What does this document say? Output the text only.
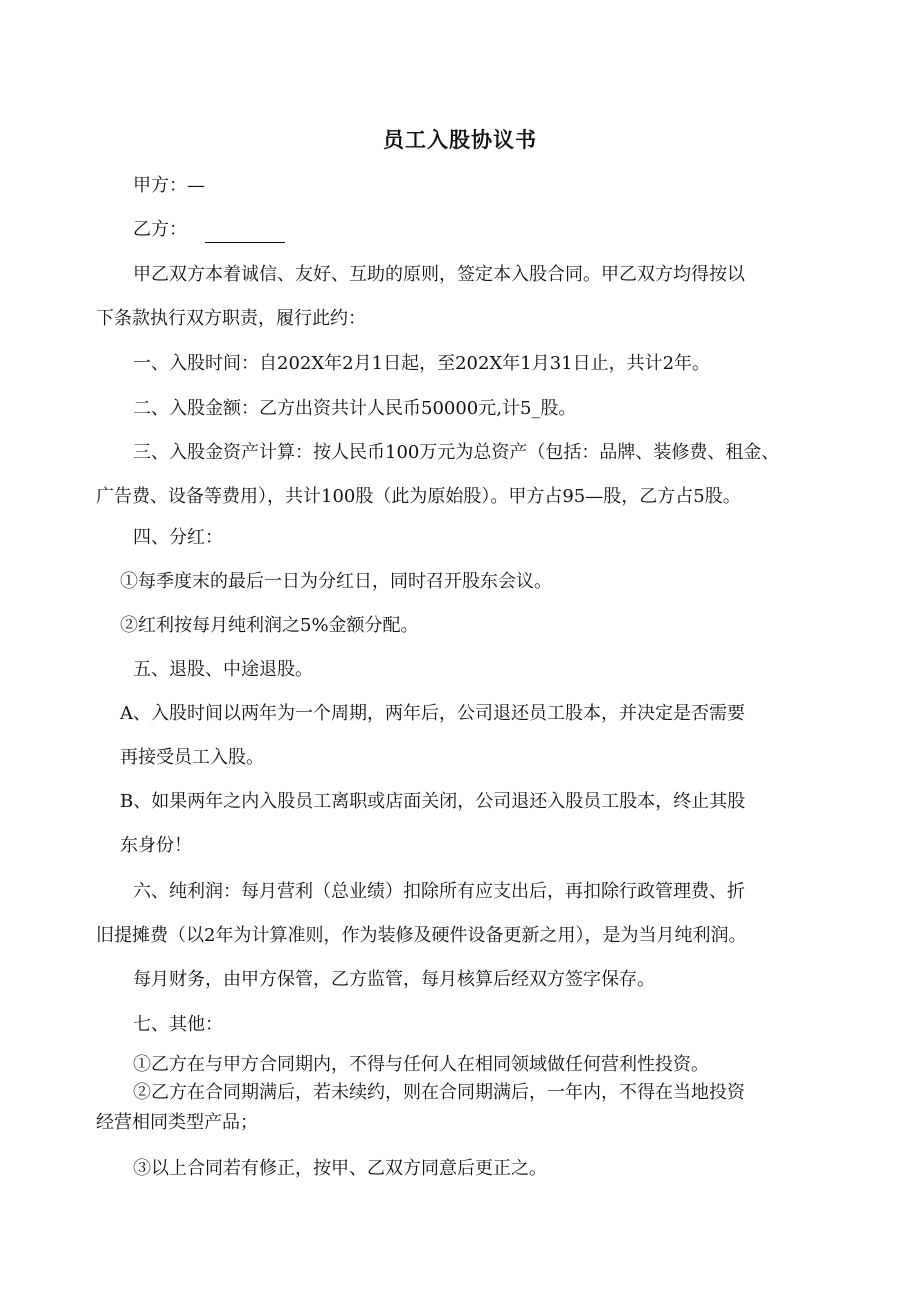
员工入股协议书
甲方：—
乙方：
甲乙双方本着诚信、友好、互助的原则，签定本入股合同。甲乙双方均得按以
下条款执行双方职责，履行此约：
一、入股时间：自202X年2月1日起，至202X年1月31日止，共计2年。
二、入股金额：乙方出资共计人民币50000元,计5_股。
三、入股金资产计算：按人民币100万元为总资产（包括：品牌、装修费、租金、
广告费、设备等费用），共计100股（此为原始股）。甲方占95—股，乙方占5股。
四、分红：
①每季度末的最后一日为分红日，同时召开股东会议。
②红利按每月纯利润之5%金额分配。
五、退股、中途退股。
A、入股时间以两年为一个周期，两年后，公司退还员工股本，并决定是否需要
再接受员工入股。
B、如果两年之内入股员工离职或店面关闭，公司退还入股员工股本，终止其股
东身份！
六、纯利润：每月营利（总业绩）扣除所有应支出后，再扣除行政管理费、折
旧提摊费（以2年为计算准则，作为装修及硬件设备更新之用），是为当月纯利润。
每月财务，由甲方保管，乙方监管，每月核算后经双方签字保存。
七、其他：
①乙方在与甲方合同期内，不得与任何人在相同领域做任何营利性投资。
②乙方在合同期满后，若未续约，则在合同期满后，一年内，不得在当地投资
经营相同类型产品；
③以上合同若有修正，按甲、乙双方同意后更正之。
